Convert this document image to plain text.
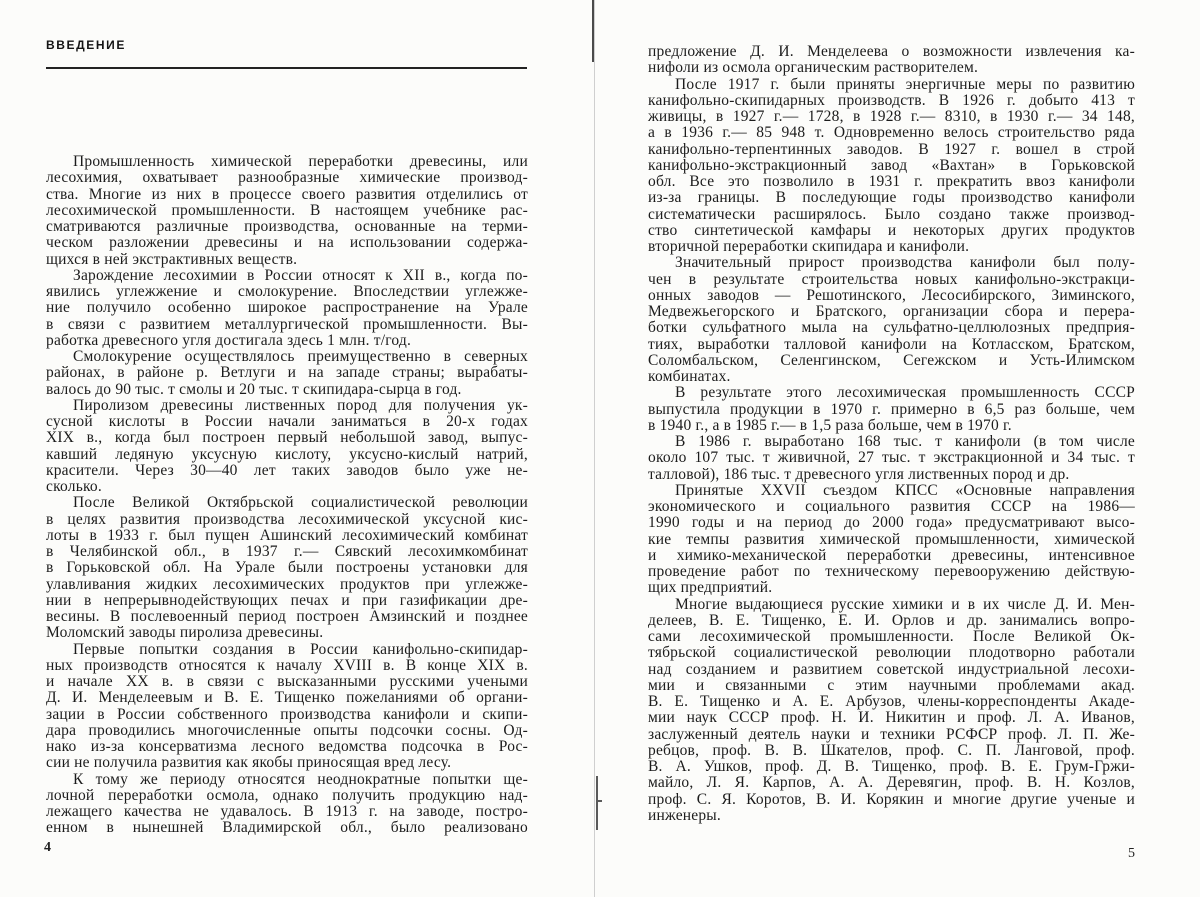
ВВЕДЕНИЕ
Промышленность химической переработки древесины, или
лесохимия, охватывает разнообразные химические производ-
ства. Многие из них в процессе своего развития отделились от
лесохимической промышленности. В настоящем учебнике рас-
сматриваются различные производства, основанные на терми-
ческом разложении древесины и на использовании содержа-
щихся в ней экстрактивных веществ.
Зарождение лесохимии в России относят к XII в., когда по-
явились углежжение и смолокурение. Впоследствии углежже-
ние получило особенно широкое распространение на Урале
в связи с развитием металлургической промышленности. Вы-
работка древесного угля достигала здесь 1 млн. т/год.
Смолокурение осуществлялось преимущественно в северных
районах, в районе р. Ветлуги и на западе страны; вырабаты-
валось до 90 тыс. т смолы и 20 тыс. т скипидара-сырца в год.
Пиролизом древесины лиственных пород для получения ук-
сусной кислоты в России начали заниматься в 20-х годах
XIX в., когда был построен первый небольшой завод, выпус-
кавший ледяную уксусную кислоту, уксусно-кислый натрий,
красители. Через 30—40 лет таких заводов было уже не-
сколько.
После Великой Октябрьской социалистической революции
в целях развития производства лесохимической уксусной кис-
лоты в 1933 г. был пущен Ашинский лесохимический комбинат
в Челябинской обл., в 1937 г.— Сявский лесохимкомбинат
в Горьковской обл. На Урале были построены установки для
улавливания жидких лесохимических продуктов при углежже-
нии в непрерывнодействующих печах и при газификации дре-
весины. В послевоенный период построен Амзинский и позднее
Моломский заводы пиролиза древесины.
Первые попытки создания в России канифольно-скипидар-
ных производств относятся к началу XVIII в. В конце XIX в.
и начале XX в. в связи с высказанными русскими учеными
Д. И. Менделеевым и В. Е. Тищенко пожеланиями об органи-
зации в России собственного производства канифоли и скипи-
дара проводились многочисленные опыты подсочки сосны. Од-
нако из-за консерватизма лесного ведомства подсочка в Рос-
сии не получила развития как якобы приносящая вред лесу.
К тому же периоду относятся неоднократные попытки ще-
лочной переработки осмола, однако получить продукцию над-
лежащего качества не удавалось. В 1913 г. на заводе, постро-
енном в нынешней Владимирской обл., было реализовано
4
предложение Д. И. Менделеева о возможности извлечения ка-
нифоли из осмола органическим растворителем.
После 1917 г. были приняты энергичные меры по развитию
канифольно-скипидарных производств. В 1926 г. добыто 413 т
живицы, в 1927 г.— 1728, в 1928 г.— 8310, в 1930 г.— 34 148,
а в 1936 г.— 85 948 т. Одновременно велось строительство ряда
канифольно-терпентинных заводов. В 1927 г. вошел в строй
канифольно-экстракционный завод «Вахтан» в Горьковской
обл. Все это позволило в 1931 г. прекратить ввоз канифоли
из-за границы. В последующие годы производство канифоли
систематически расширялось. Было создано также производ-
ство синтетической камфары и некоторых других продуктов
вторичной переработки скипидара и канифоли.
Значительный прирост производства канифоли был полу-
чен в результате строительства новых канифольно-экстракци-
онных заводов — Решотинского, Лесосибирского, Зиминского,
Медвежьегорского и Братского, организации сбора и перера-
ботки сульфатного мыла на сульфатно-целлюлозных предприя-
тиях, выработки талловой канифоли на Котласском, Братском,
Соломбальском, Селенгинском, Сегежском и Усть-Илимском
комбинатах.
В результате этого лесохимическая промышленность СССР
выпустила продукции в 1970 г. примерно в 6,5 раз больше, чем
в 1940 г., а в 1985 г.— в 1,5 раза больше, чем в 1970 г.
В 1986 г. выработано 168 тыс. т канифоли (в том числе
около 107 тыс. т живичной, 27 тыс. т экстракционной и 34 тыс. т
талловой), 186 тыс. т древесного угля лиственных пород и др.
Принятые XXVII съездом КПСС «Основные направления
экономического и социального развития СССР на 1986—
1990 годы и на период до 2000 года» предусматривают высо-
кие темпы развития химической промышленности, химической
и химико-механической переработки древесины, интенсивное
проведение работ по техническому перевооружению действую-
щих предприятий.
Многие выдающиеся русские химики и в их числе Д. И. Мен-
делеев, В. Е. Тищенко, Е. И. Орлов и др. занимались вопро-
сами лесохимической промышленности. После Великой Ок-
тябрьской социалистической революции плодотворно работали
над созданием и развитием советской индустриальной лесохи-
мии и связанными с этим научными проблемами акад.
В. Е. Тищенко и А. Е. Арбузов, члены-корреспонденты Акаде-
мии наук СССР проф. Н. И. Никитин и проф. Л. А. Иванов,
заслуженный деятель науки и техники РСФСР проф. Л. П. Же-
ребцов, проф. В. В. Шкателов, проф. С. П. Ланговой, проф.
В. А. Ушков, проф. Д. В. Тищенко, проф. В. Е. Грум-Гржи-
майло, Л. Я. Карпов, А. А. Деревягин, проф. В. Н. Козлов,
проф. С. Я. Коротов, В. И. Корякин и многие другие ученые и
инженеры.
5
